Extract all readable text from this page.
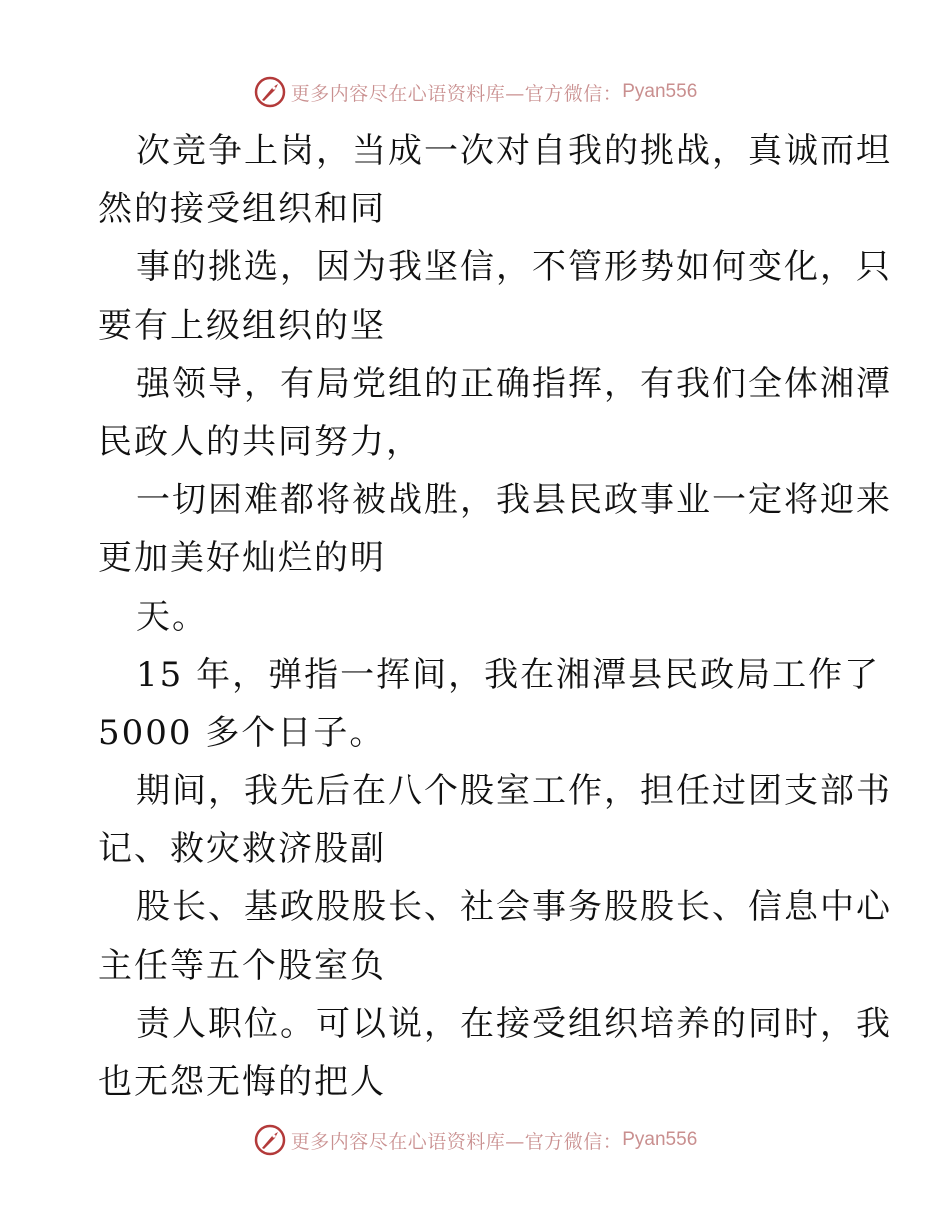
更多内容尽在心语资料库—官方微信： Pyan556
次竞争上岗，当成一次对自我的挑战，真诚而坦
然的接受组织和同
事的挑选，因为我坚信，不管形势如何变化，只
要有上级组织的坚
强领导，有局党组的正确指挥，有我们全体湘潭
民政人的共同努力，
一切困难都将被战胜，我县民政事业一定将迎来
更加美好灿烂的明
天。
15 年，弹指一挥间，我在湘潭县民政局工作了
5000 多个日子。
期间，我先后在八个股室工作，担任过团支部书
记、救灾救济股副
股长、基政股股长、社会事务股股长、信息中心
主任等五个股室负
责人职位。可以说，在接受组织培养的同时，我
也无怨无悔的把人
更多内容尽在心语资料库—官方微信： Pyan556
